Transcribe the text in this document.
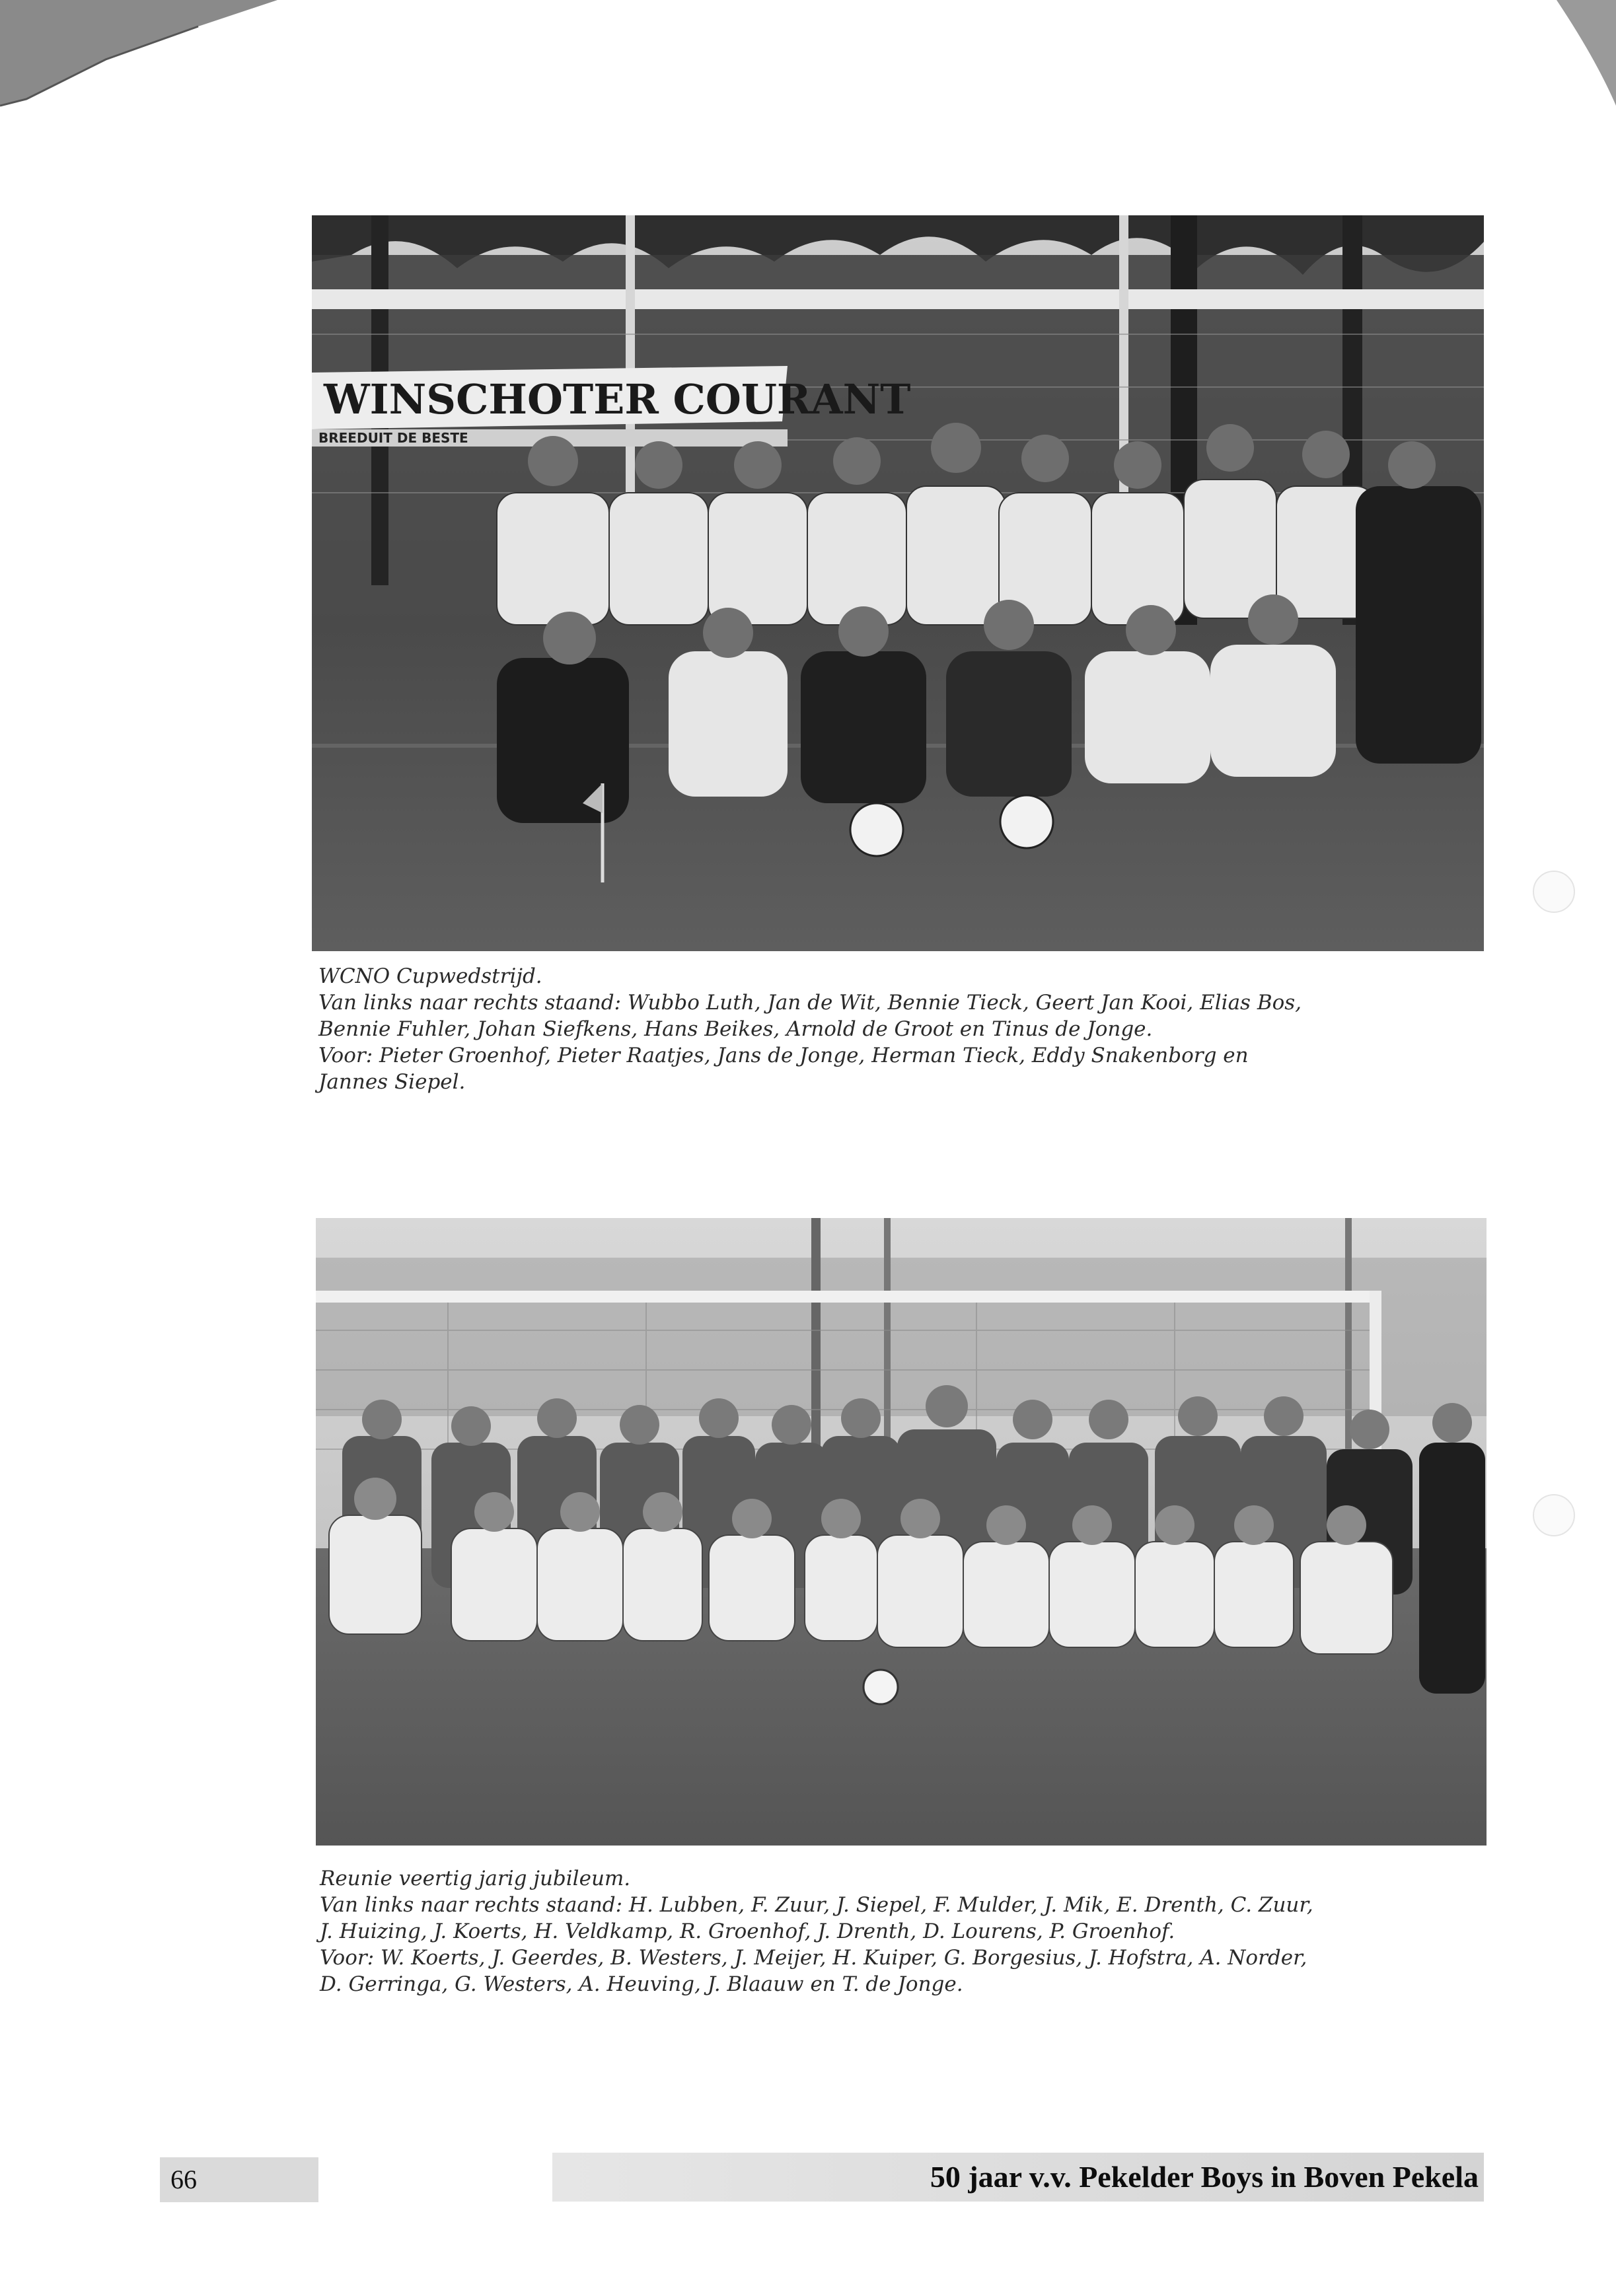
WINSCHOTER COURANT
BREEDUIT DE BESTE
WCNO Cupwedstrijd.
Van links naar rechts staand: Wubbo Luth, Jan de Wit, Bennie Tieck, Geert Jan Kooi, Elias Bos,
Bennie Fuhler, Johan Siefkens, Hans Beikes, Arnold de Groot en Tinus de Jonge.
Voor: Pieter Groenhof, Pieter Raatjes, Jans de Jonge, Herman Tieck, Eddy Snakenborg en
Jannes Siepel.
Reunie veertig jarig jubileum.
Van links naar rechts staand: H. Lubben, F. Zuur, J. Siepel, F. Mulder, J. Mik, E. Drenth, C. Zuur,
J. Huizing, J. Koerts, H. Veldkamp, R. Groenhof, J. Drenth, D. Lourens, P. Groenhof.
Voor: W. Koerts, J. Geerdes, B. Westers, J. Meijer, H. Kuiper, G. Borgesius, J. Hofstra, A. Norder,
D. Gerringa, G. Westers, A. Heuving, J. Blaauw en T. de Jonge.
66	50 jaar v.v. Pekelder Boys in Boven Pekela
